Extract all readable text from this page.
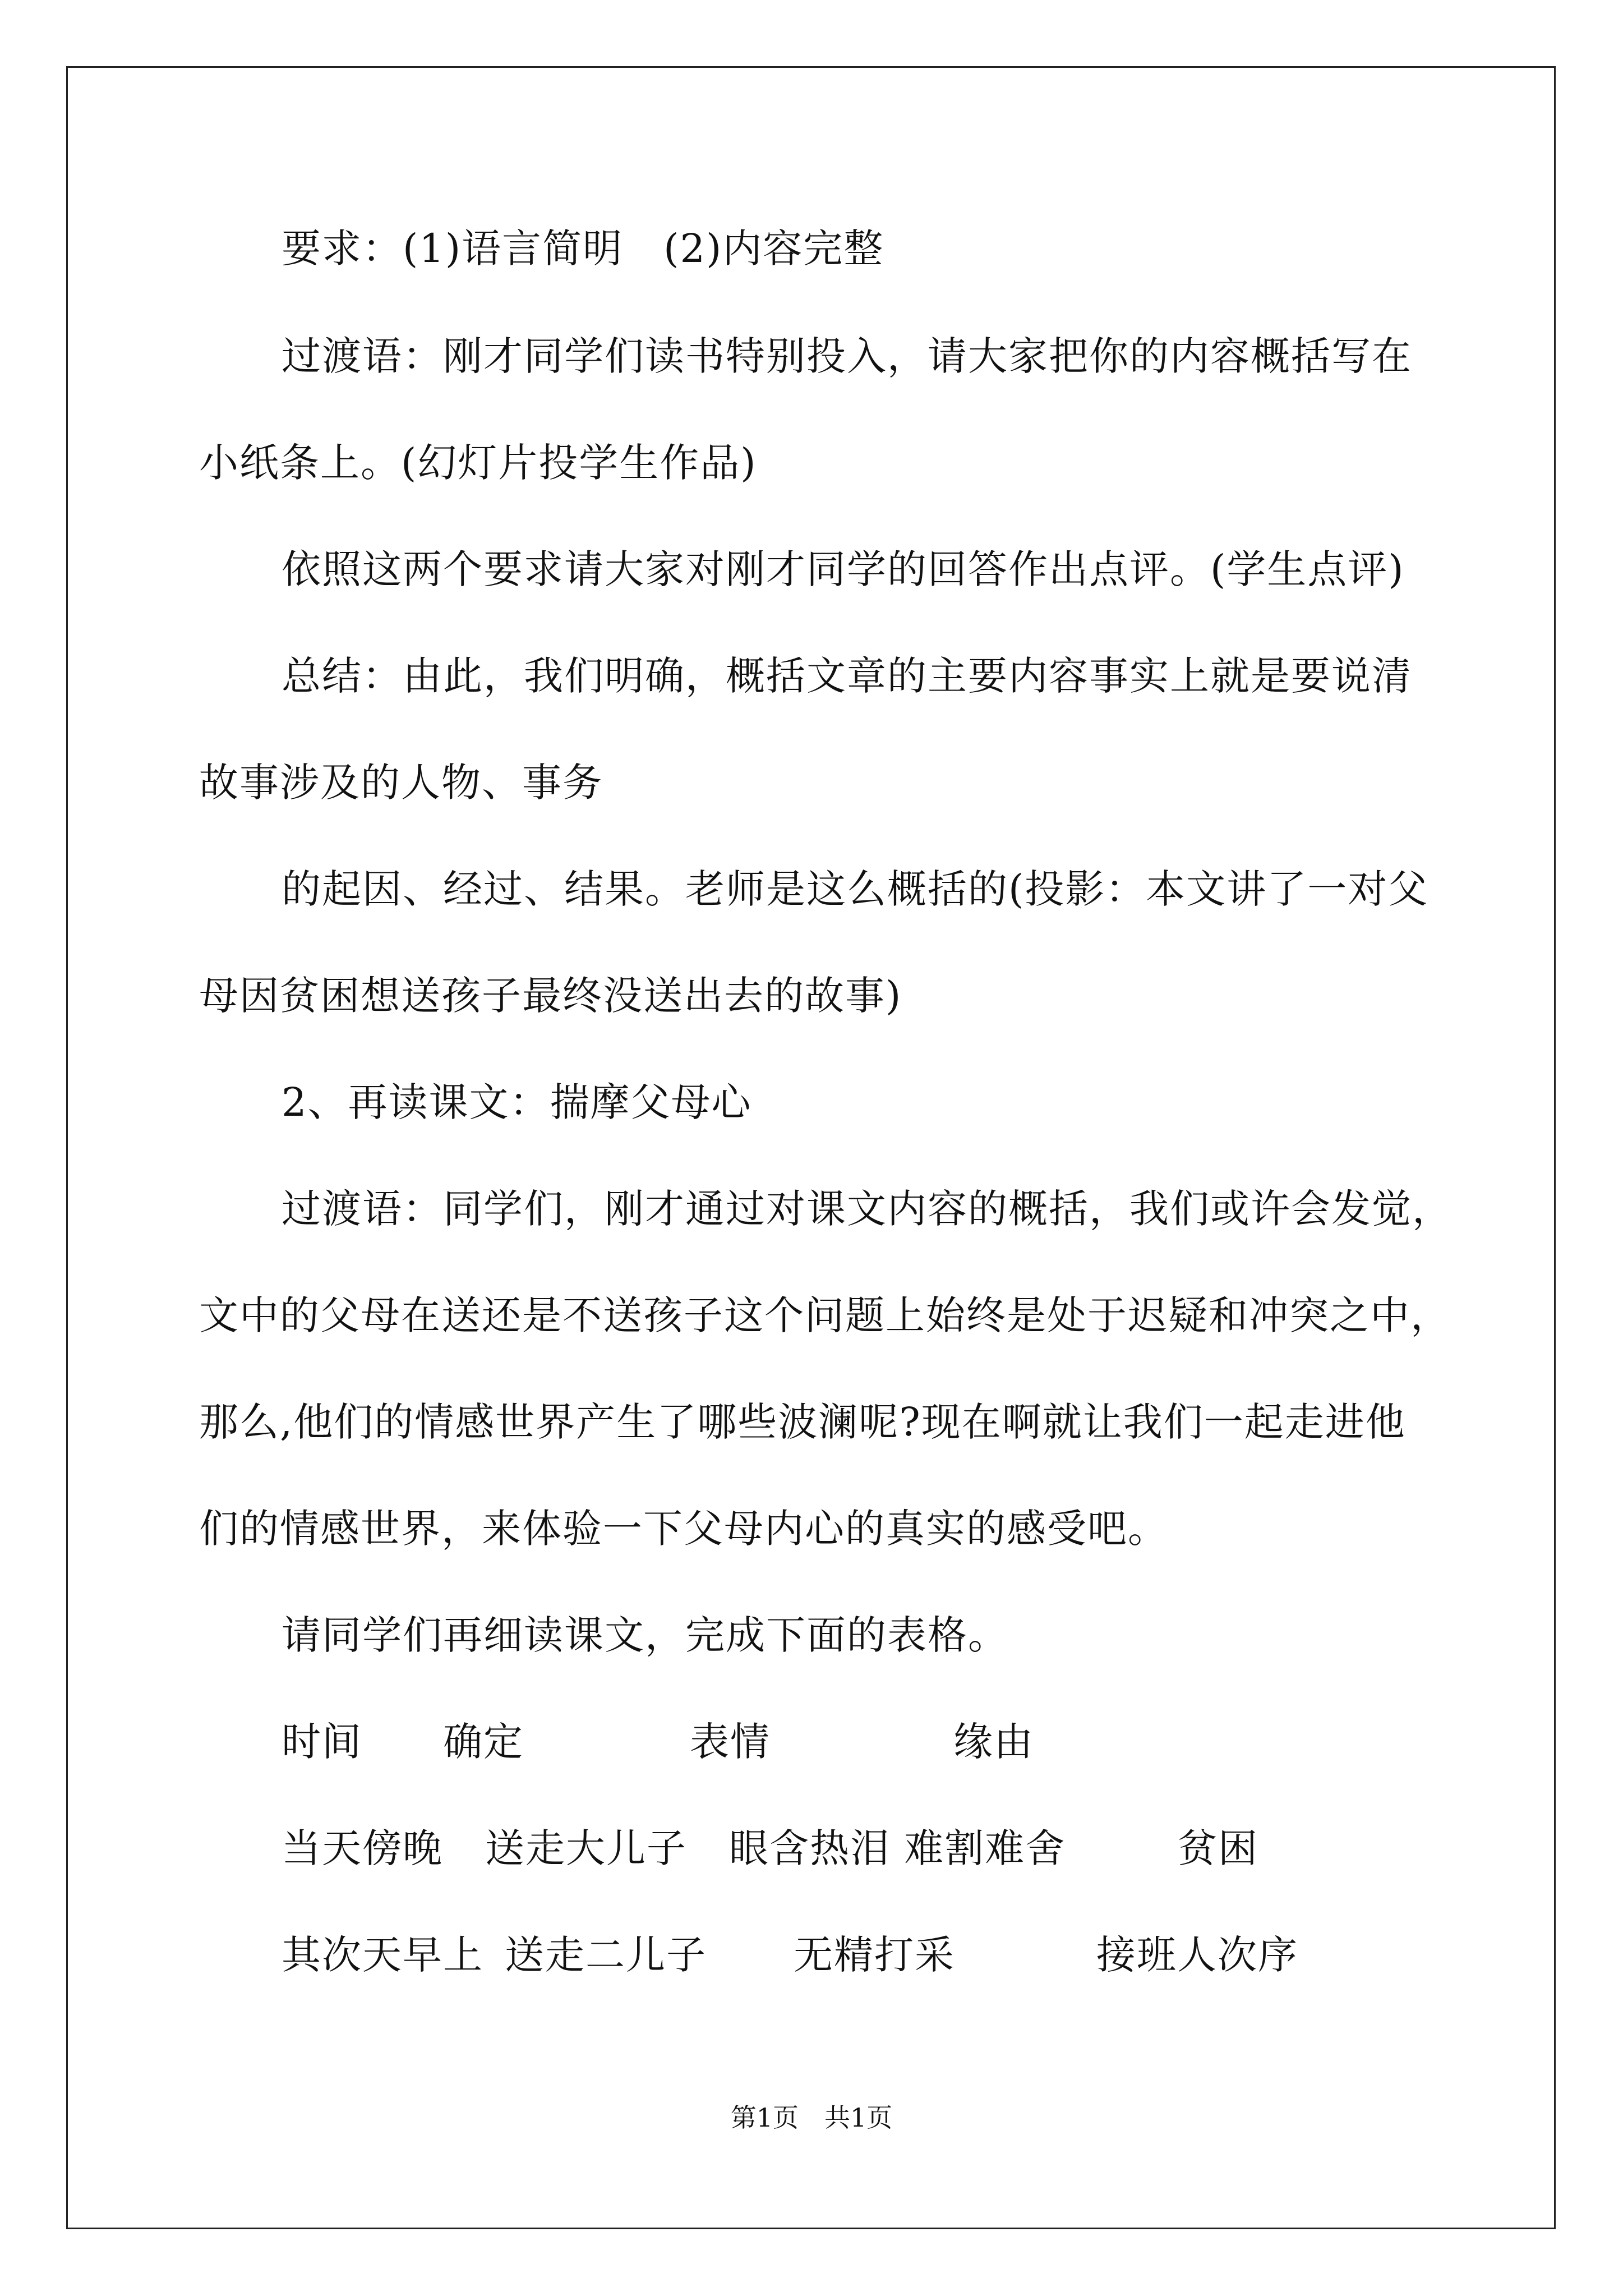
要求：(1)语言简明　(2)内容完整
过渡语：刚才同学们读书特别投入，请大家把你的内容概括写在
小纸条上。(幻灯片投学生作品)
依照这两个要求请大家对刚才同学的回答作出点评。(学生点评)
总结：由此，我们明确，概括文章的主要内容事实上就是要说清
故事涉及的人物、事务
的起因、经过、结果。老师是这么概括的(投影：本文讲了一对父
母因贫困想送孩子最终没送出去的故事)
2、再读课文：揣摩父母心
过渡语：同学们，刚才通过对课文内容的概括，我们或许会发觉，
文中的父母在送还是不送孩子这个问题上始终是处于迟疑和冲突之中，
那么,他们的情感世界产生了哪些波澜呢?现在啊就让我们一起走进他
们的情感世界，来体验一下父母内心的真实的感受吧。
请同学们再细读课文，完成下面的表格。
时间 确定	表情	缘由
当天傍晚 送走大儿子 眼含热泪 难割难舍	贫困
其次天早上 送走二儿子 无精打采	接班人次序
第1页　共1页
